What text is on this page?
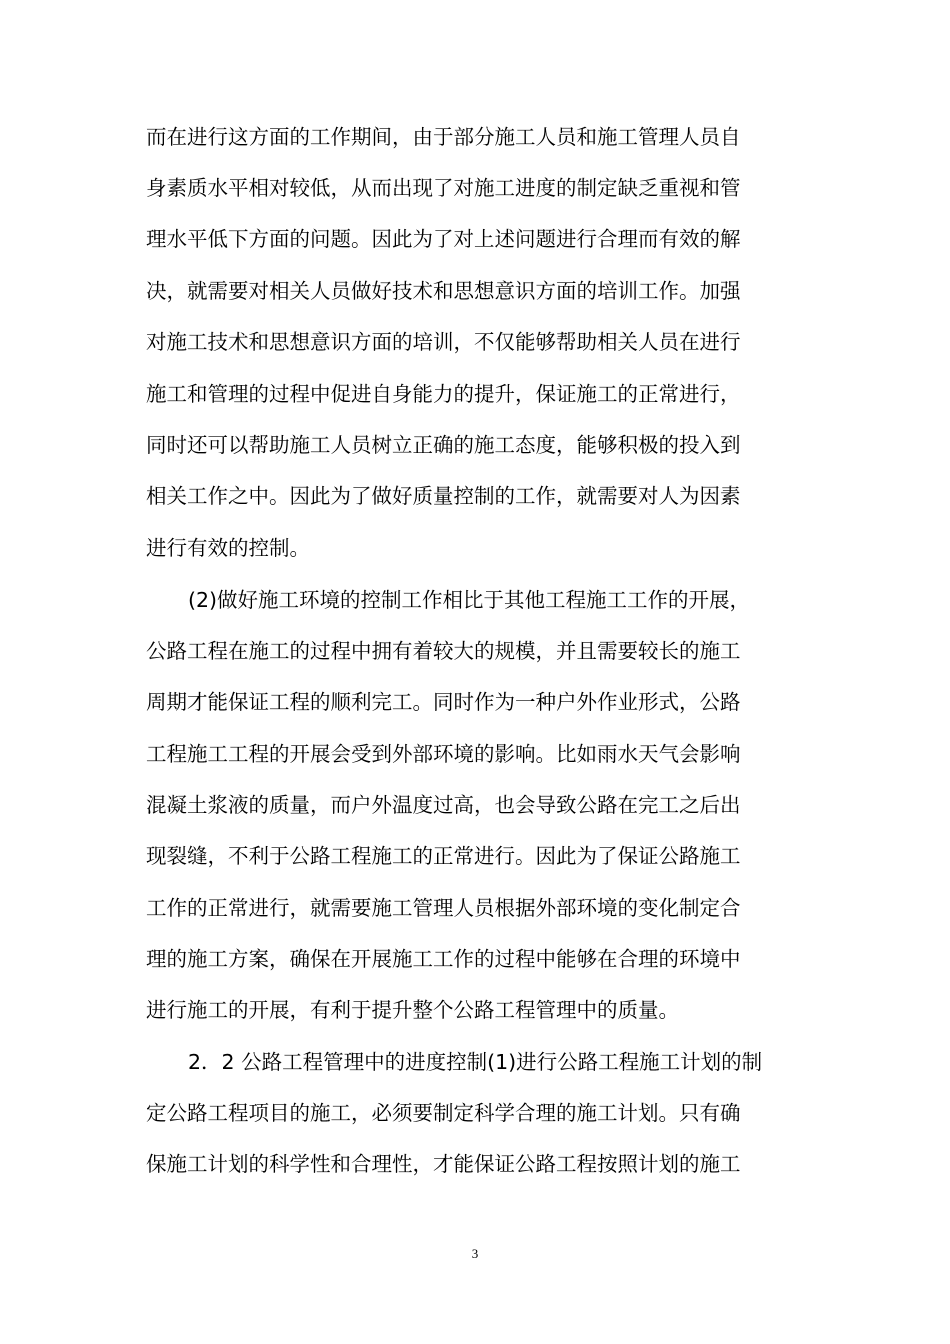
而在进行这方面的工作期间，由于部分施工人员和施工管理人员自
身素质水平相对较低，从而出现了对施工进度的制定缺乏重视和管
理水平低下方面的问题。因此为了对上述问题进行合理而有效的解
决，就需要对相关人员做好技术和思想意识方面的培训工作。加强
对施工技术和思想意识方面的培训，不仅能够帮助相关人员在进行
施工和管理的过程中促进自身能力的提升，保证施工的正常进行，
同时还可以帮助施工人员树立正确的施工态度，能够积极的投入到
相关工作之中。因此为了做好质量控制的工作，就需要对人为因素
进行有效的控制。
(2)做好施工环境的控制工作相比于其他工程施工工作的开展，
公路工程在施工的过程中拥有着较大的规模，并且需要较长的施工
周期才能保证工程的顺利完工。同时作为一种户外作业形式，公路
工程施工工程的开展会受到外部环境的影响。比如雨水天气会影响
混凝土浆液的质量，而户外温度过高，也会导致公路在完工之后出
现裂缝，不利于公路工程施工的正常进行。因此为了保证公路施工
工作的正常进行，就需要施工管理人员根据外部环境的变化制定合
理的施工方案，确保在开展施工工作的过程中能够在合理的环境中
进行施工的开展，有利于提升整个公路工程管理中的质量。
2．2 公路工程管理中的进度控制(1)进行公路工程施工计划的制
定公路工程项目的施工，必须要制定科学合理的施工计划。只有确
保施工计划的科学性和合理性，才能保证公路工程按照计划的施工
3
